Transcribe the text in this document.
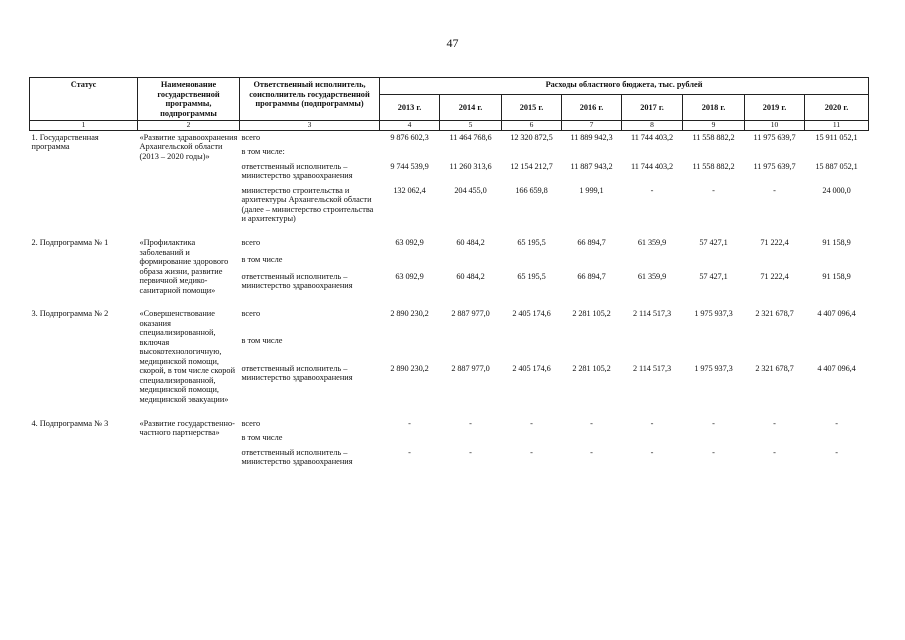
47
Статус	Наименование государственной программы, подпрограммы	Ответственный исполнитель, соисполнитель государственной программы (подпрограммы)	Расходы областного бюджета, тыс. рублей							
			2013 г.	2014 г.	2015 г.	2016 г.	2017 г.	2018 г.	2019 г.	2020 г.
1	2	3	4	5	6	7	8	9	10	11
1. Государственная программа	«Развитие здравоохранения Архангельской области (2013 – 2020 годы)»	всего	9 876 602,3	11 464 768,6	12 320 872,5	11 889 942,3	11 744 403,2	11 558 882,2	11 975 639,7	15 911 052,1
		в том числе:								
		ответственный исполнитель – министерство здравоохранения	9 744 539,9	11 260 313,6	12 154 212,7	11 887 943,2	11 744 403,2	11 558 882,2	11 975 639,7	15 887 052,1
		министерство строительства и архитектуры Архангельской области (далее – министерство строительства и архитектуры)	132 062,4	204 455,0	166 659,8	1 999,1	-	-	-	24 000,0

2. Подпрограмма № 1	«Профилактика заболеваний и формирование здорового образа жизни, развитие первичной медико-санитарной помощи»	всего	63 092,9	60 484,2	65 195,5	66 894,7	61 359,9	57 427,1	71 222,4	91 158,9
		в том числе								
		ответственный исполнитель – министерство здравоохранения	63 092,9	60 484,2	65 195,5	66 894,7	61 359,9	57 427,1	71 222,4	91 158,9

3. Подпрограмма № 2	«Совершенствование оказания специализированной, включая высокотехнологичную, медицинской помощи, скорой, в том числе скорой специализированной, медицинской помощи, медицинской эвакуации»	всего	2 890 230,2	2 887 977,0	2 405 174,6	2 281 105,2	2 114 517,3	1 975 937,3	2 321 678,7	4 407 096,4
		в том числе								
		ответственный исполнитель – министерство здравоохранения	2 890 230,2	2 887 977,0	2 405 174,6	2 281 105,2	2 114 517,3	1 975 937,3	2 321 678,7	4 407 096,4

4. Подпрограмма № 3	«Развитие государственно-частного партнерства»	всего	-	-	-	-	-	-	-	-
		в том числе								
		ответственный исполнитель – министерство здравоохранения	-	-	-	-	-	-	-	-
